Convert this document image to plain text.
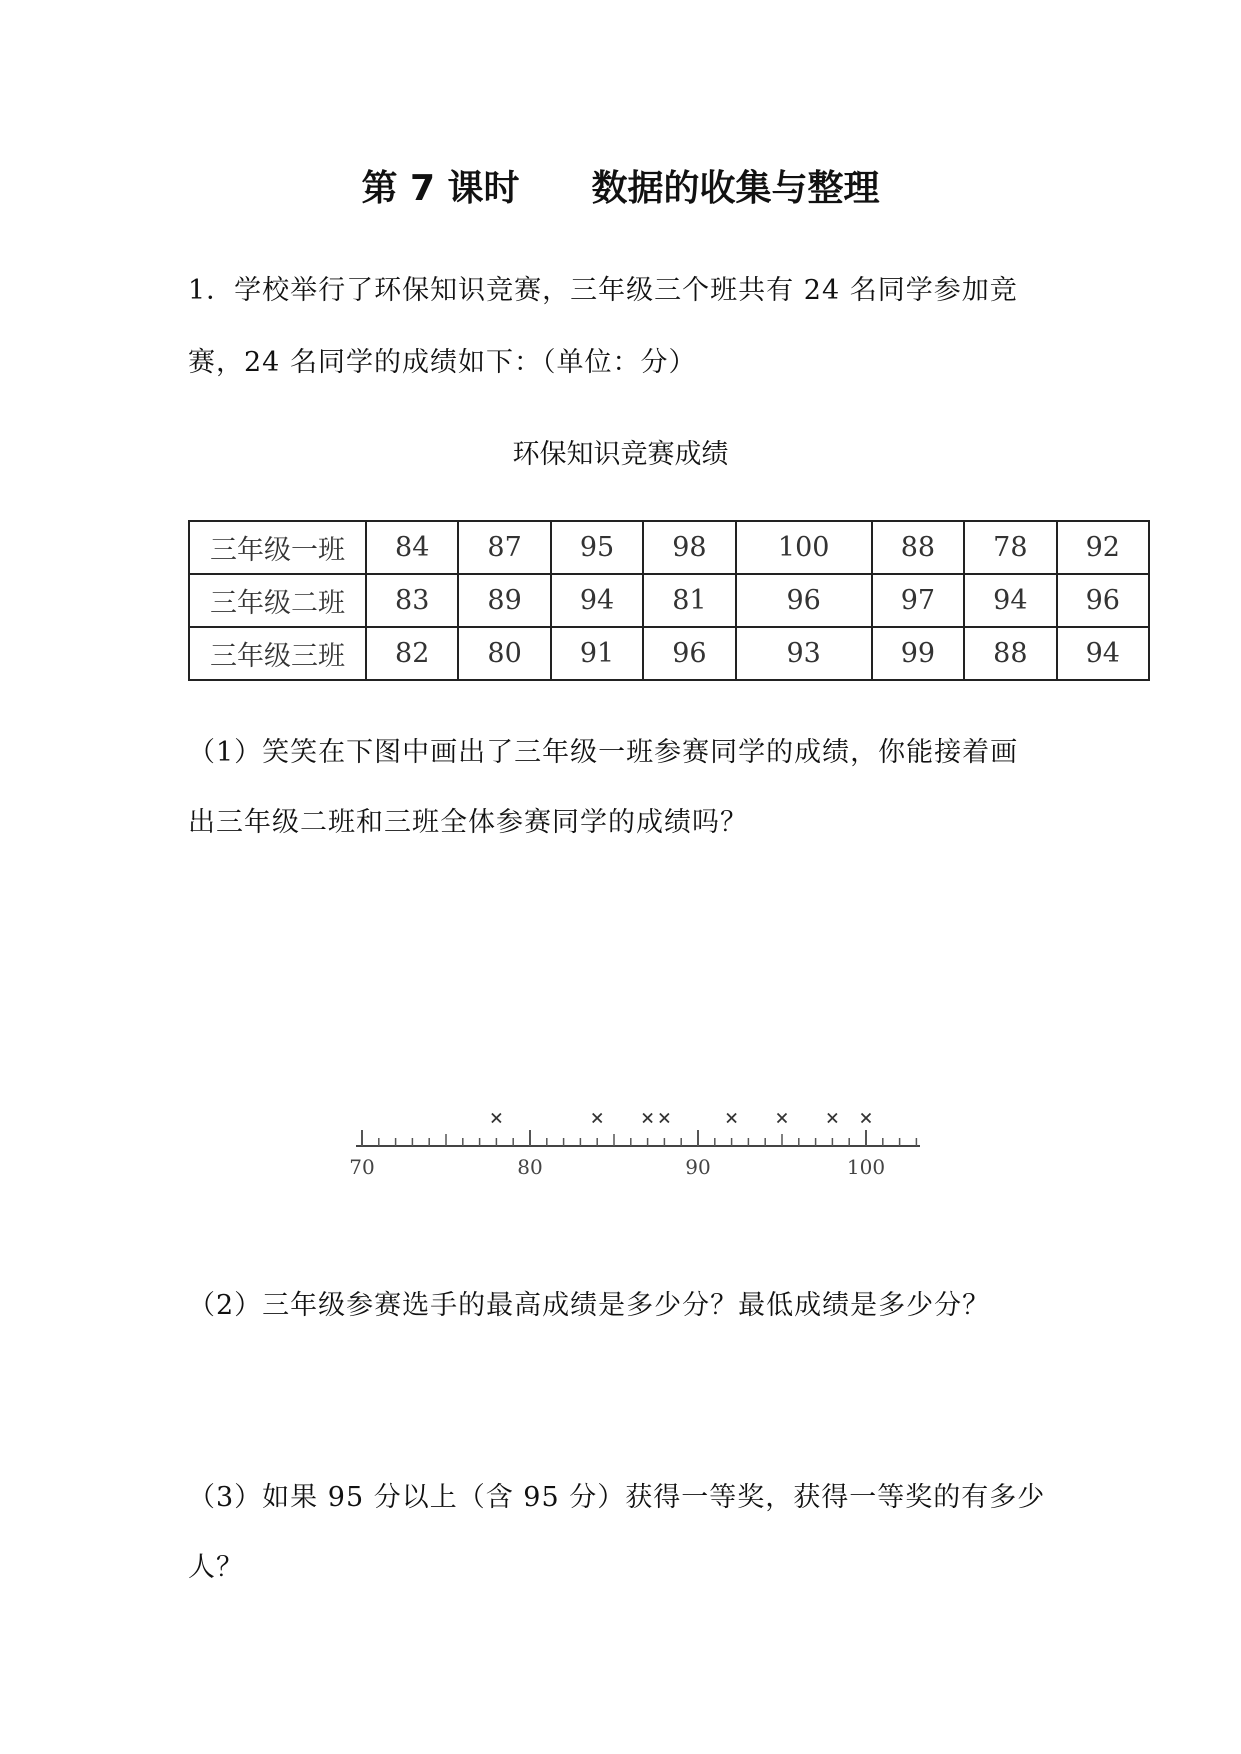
第 7 课时　　数据的收集与整理
1．学校举行了环保知识竞赛，三年级三个班共有 24 名同学参加竞
赛，24 名同学的成绩如下：（单位：分）
环保知识竞赛成绩
三年级一班	84	87	95	98	100	88	78	92
三年级二班	83	89	94	81	96	97	94	96
三年级三班	82	80	91	96	93	99	88	94
（1）笑笑在下图中画出了三年级一班参赛同学的成绩，你能接着画
出三年级二班和三班全体参赛同学的成绩吗？
70	80	90	100
（2）三年级参赛选手的最高成绩是多少分？最低成绩是多少分？
（3）如果 95 分以上（含 95 分）获得一等奖，获得一等奖的有多少
人？
